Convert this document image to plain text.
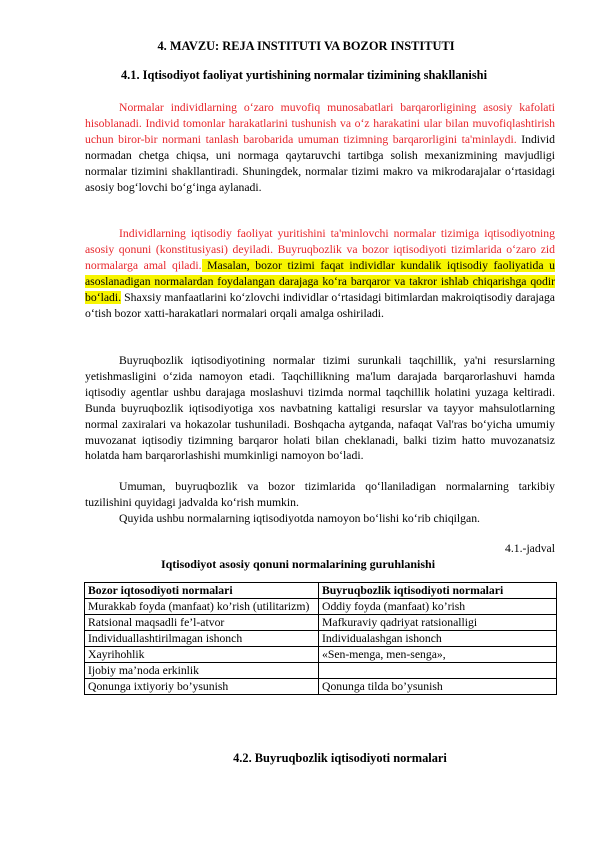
4. MAVZU: REJA INSTITUTI VA BOZOR INSTITUTI
4.1. Iqtisodiyot faoliyat yurtishining normalar tizimining shakllanishi
Normalar individlarning o‘zaro muvofiq munosabatlari barqarorligining asosiy kafolati hisoblanadi. Individ tomonlar harakatlarini tushunish va o‘z harakatini ular bilan muvofiqlashtirish uchun biror-bir normani tanlash barobarida umuman tizimning barqarorligini ta'minlaydi. Individ normadan chetga chiqsa, uni normaga qaytaruvchi tartibga solish mexanizmining mavjudligi normalar tizimini shakllantiradi. Shuningdek, normalar tizimi makro va mikrodarajalar o‘rtasidagi asosiy bog‘lovchi bo‘g‘inga aylanadi.
Individlarning iqtisodiy faoliyat yuritishini ta'minlovchi normalar tizimiga iqtisodiyotning asosiy qonuni (konstitusiyasi) deyiladi. Buyruqbozlik va bozor iqtisodiyoti tizimlarida o‘zaro zid normalarga amal qiladi. Masalan, bozor tizimi faqat individlar kundalik iqtisodiy faoliyatida u asoslanadigan normalardan foydalangan darajaga ko‘ra barqaror va takror ishlab chiqarishga qodir bo‘ladi. Shaxsiy manfaatlarini ko‘zlovchi individlar o‘rtasidagi bitimlardan makroiqtisodiy darajaga o‘tish bozor xatti-harakatlari normalari orqali amalga oshiriladi.
Buyruqbozlik iqtisodiyotining normalar tizimi surunkali taqchillik, ya'ni resurslarning yetishmasligini o‘zida namoyon etadi. Taqchillikning ma'lum darajada barqarorlashuvi hamda iqtisodiy agentlar ushbu darajaga moslashuvi tizimda normal taqchillik holatini yuzaga keltiradi. Bunda buyruqbozlik iqtisodiyotiga xos navbatning kattaligi resurslar va tayyor mahsulotlarning normal zaxiralari va hokazolar tushuniladi. Boshqacha aytganda, nafaqat Val'ras bo‘yicha umumiy muvozanat iqtisodiy tizimning barqaror holati bilan cheklanadi, balki tizim hatto muvozanatsiz holatda ham barqarorlashishi mumkinligi namoyon bo‘ladi.
Umuman, buyruqbozlik va bozor tizimlarida qo‘llaniladigan normalarning tarkibiy tuzilishini quyidagi jadvalda ko‘rish mumkin.
Quyida ushbu normalarning iqtisodiyotda namoyon bo‘lishi ko‘rib chiqilgan.
4.1.-jadval
Iqtisodiyot asosiy qonuni normalarining guruhlanishi
Bozor iqtosodiyoti normalari	Buyruqbozlik iqtisodiyoti normalari

Murakkab foyda (manfaat) ko’rish (utilitarizm)	Oddiy foyda (manfaat) ko’rish
Ratsional maqsadli fe’l-atvor	Mafkuraviy qadriyat ratsionalligi
Individuallashtirilmagan ishonch	Individualashgan ishonch
Xayrihohlik	«Sen-menga, men-senga»,
Ijobiy ma’noda erkinlik	
Qonunga ixtiyoriy bo’ysunish	Qonunga tilda bo’ysunish
4.2. Buyruqbozlik iqtisodiyoti normalari
